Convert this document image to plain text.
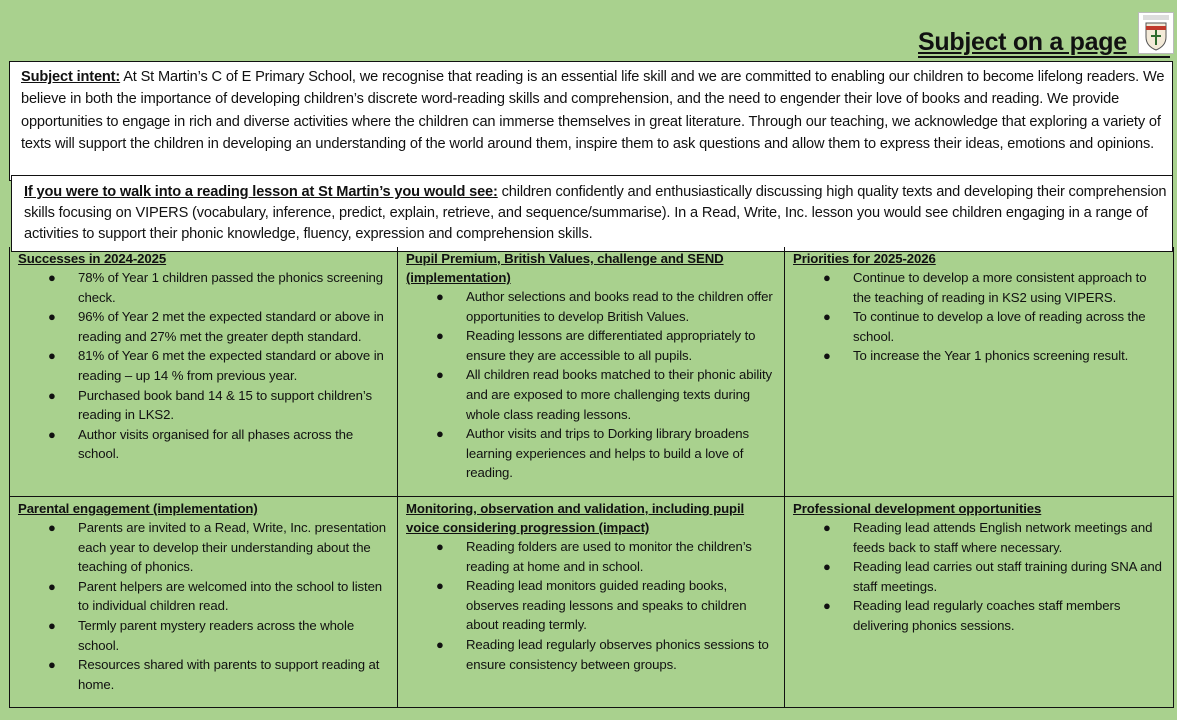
Subject on a page
Subject intent: At St Martin’s C of E Primary School, we recognise that reading is an essential life skill and we are committed to enabling our children to become lifelong readers. We believe in both the importance of developing children’s discrete word-reading skills and comprehension, and the need to engender their love of books and reading. We provide opportunities to engage in rich and diverse activities where the children can immerse themselves in great literature. Through our teaching, we acknowledge that exploring a variety of texts will support the children in developing an understanding of the world around them, inspire them to ask questions and allow them to express their ideas, emotions and opinions.
If you were to walk into a reading lesson at St Martin’s you would see: children confidently and enthusiastically discussing high quality texts and developing their comprehension skills focusing on VIPERS (vocabulary, inference, predict, explain, retrieve, and sequence/summarise). In a Read, Write, Inc. lesson you would see children engaging in a range of activities to support their phonic knowledge, fluency, expression and comprehension skills.
Successes in 2024-2025
● 78% of Year 1 children passed the phonics screening check.
● 96% of Year 2 met the expected standard or above in reading and 27% met the greater depth standard.
● 81% of Year 6 met the expected standard or above in reading – up 14 % from previous year.
● Purchased book band 14 & 15 to support children’s reading in LKS2.
● Author visits organised for all phases across the school.
Pupil Premium, British Values, challenge and SEND (implementation)
● Author selections and books read to the children offer opportunities to develop British Values.
● Reading lessons are differentiated appropriately to ensure they are accessible to all pupils.
● All children read books matched to their phonic ability and are exposed to more challenging texts during whole class reading lessons.
● Author visits and trips to Dorking library broadens learning experiences and helps to build a love of reading.
Priorities for 2025-2026
● Continue to develop a more consistent approach to the teaching of reading in KS2 using VIPERS.
● To continue to develop a love of reading across the school.
● To increase the Year 1 phonics screening result.
Parental engagement (implementation)
● Parents are invited to a Read, Write, Inc. presentation each year to develop their understanding about the teaching of phonics.
● Parent helpers are welcomed into the school to listen to individual children read.
● Termly parent mystery readers across the whole school.
● Resources shared with parents to support reading at home.
Monitoring, observation and validation, including pupil voice considering progression (impact)
● Reading folders are used to monitor the children’s reading at home and in school.
● Reading lead monitors guided reading books, observes reading lessons and speaks to children about reading termly.
● Reading lead regularly observes phonics sessions to ensure consistency between groups.
Professional development opportunities
● Reading lead attends English network meetings and feeds back to staff where necessary.
● Reading lead carries out staff training during SNA and staff meetings.
● Reading lead regularly coaches staff members delivering phonics sessions.
